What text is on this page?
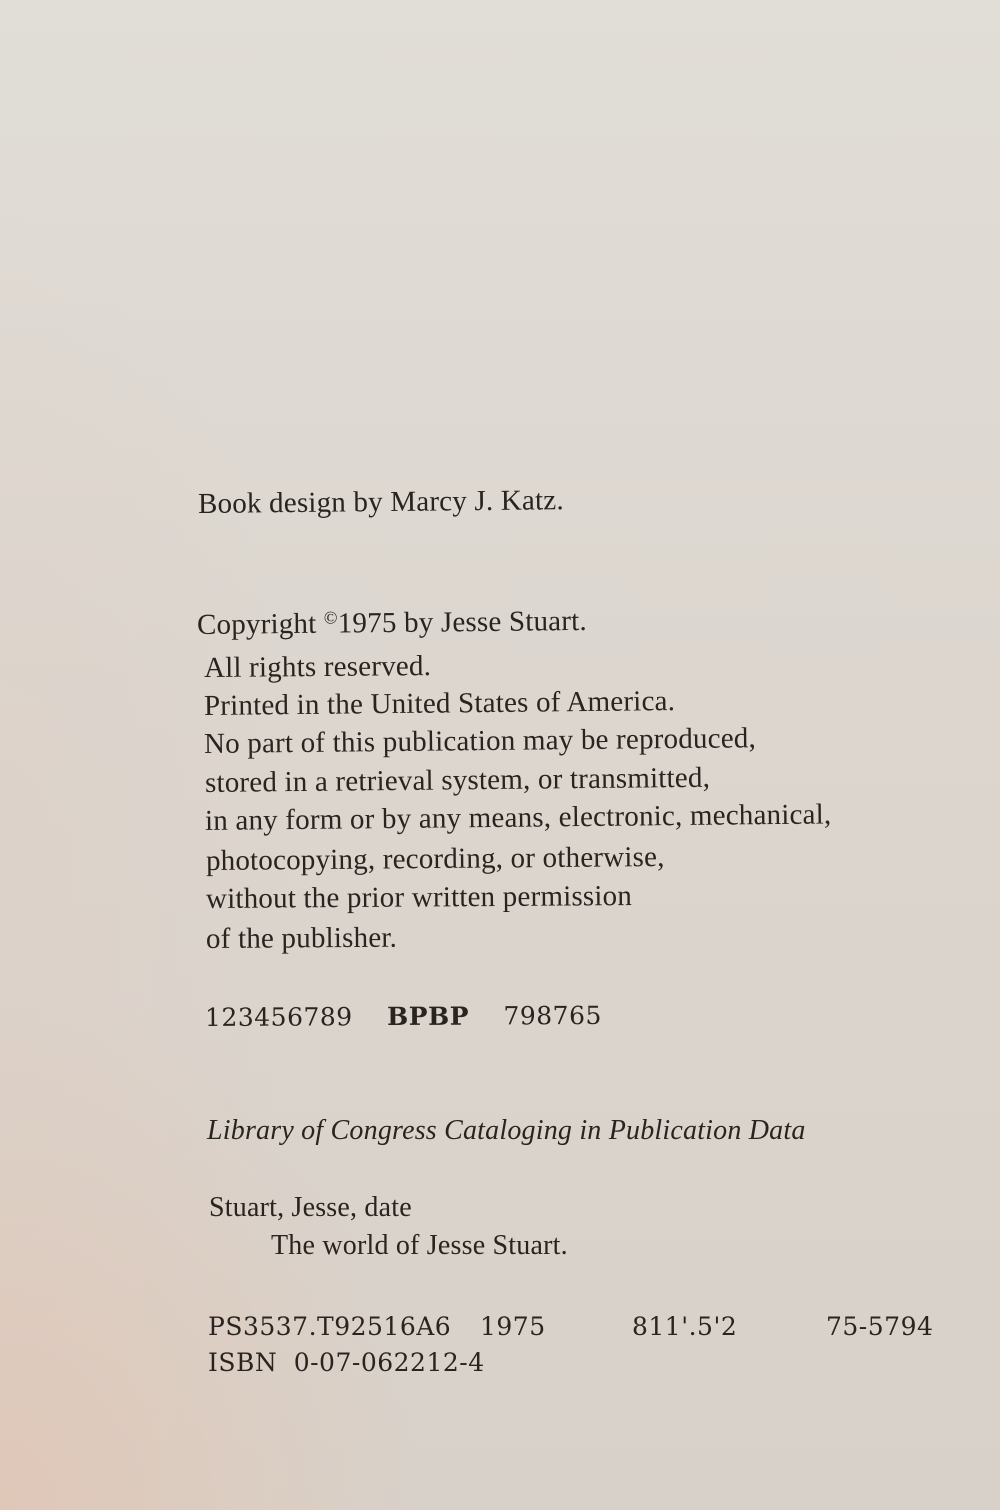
Book design by Marcy J. Katz.
Copyright ©1975 by Jesse Stuart.
All rights reserved.
Printed in the United States of America.
No part of this publication may be reproduced,
stored in a retrieval system, or transmitted,
in any form or by any means, electronic, mechanical,
photocopying, recording, or otherwise,
without the prior written permission
of the publisher.
123456789 BPBP 798765
Library of Congress Cataloging in Publication Data
Stuart, Jesse, date
The world of Jesse Stuart.
PS3537.T92516A6 1975	811'.5'2	75-5794
ISBN 0-07-062212-4
